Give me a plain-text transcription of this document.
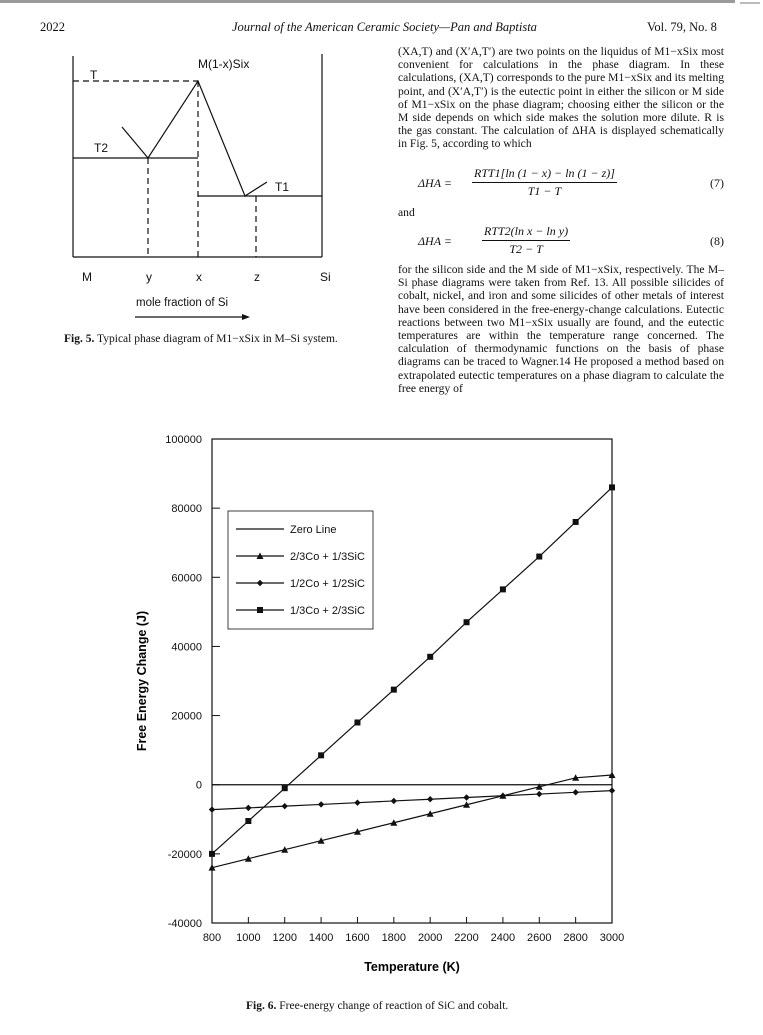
2022	Journal of the American Ceramic Society—Pan and Baptista	Vol. 79, No. 8
M(1-x)Six
T
T2
T1
M	y	x	z	Si
mole fraction of Si
Fig. 5. Typical phase diagram of M1−xSix in M–Si system.

(XA,T) and (X′A,T′) are two points on the liquidus of M1−xSix most convenient for calculations in the phase diagram. In these calculations, (XA,T) corresponds to the pure M1−xSix and its melting point, and (X′A,T′) is the eutectic point in either the silicon or M side of M1−xSix on the phase diagram; choosing either the silicon or the M side depends on which side makes the solution more dilute. R is the gas constant. The calculation of ΔHA is displayed schematically in Fig. 5, according to which

ΔHA =
RTT1[ln (1 − x) − ln (1 − z)]
T1 − T
(7)
and
ΔHA =
RTT2(ln x − ln y)
T2 − T
(8)

for the silicon side and the M side of M1−xSix, respectively. The M–Si phase diagrams were taken from Ref. 13. All possible silicides of cobalt, nickel, and iron and some silicides of other metals of interest have been considered in the free-energy-change calculations. Eutectic reactions between two M1−xSix usually are found, and the eutectic temperatures are within the temperature range concerned. The calculation of thermodynamic functions on the basis of phase diagrams can be traced to Wagner.14 He proposed a method based on extrapolated eutectic temperatures on a phase diagram to calculate the free energy of

100000
80000
60000
40000
20000
0
-20000
-40000
800 1000 1200 1400 1600 1800 2000 2200 2400 2600 2800 3000
Zero Line
2/3Co + 1/3SiC
1/2Co + 1/2SiC
1/3Co + 2/3SiC
Temperature (K)
Free Energy Change (J)
Fig. 6. Free-energy change of reaction of SiC and cobalt.
